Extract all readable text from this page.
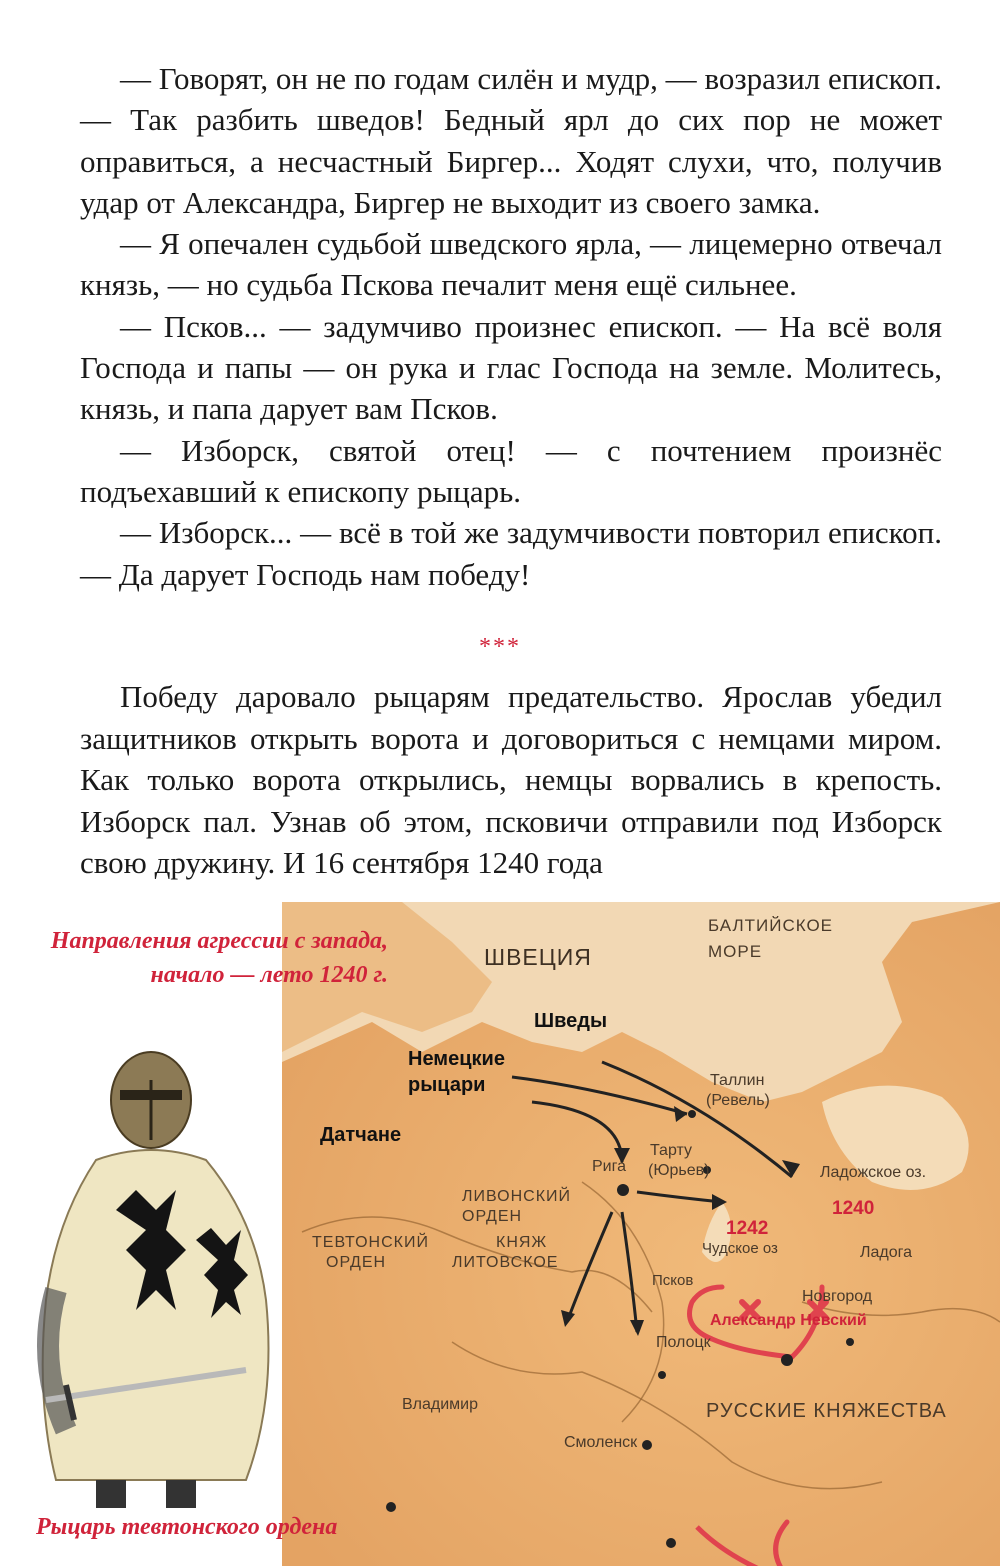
— Говорят, он не по годам силён и мудр, — возразил епископ. — Так разбить шведов! Бедный ярл до сих пор не может оправиться, а несчастный Биргер... Ходят слухи, что, получив удар от Александра, Биргер не выходит из своего замка.

— Я опечален судьбой шведского ярла, — лицемерно отвечал князь, — но судьба Пскова печалит меня ещё сильнее.

— Псков... — задумчиво произнес епископ. — На всё воля Господа и папы — он рука и глас Господа на земле. Молитесь, князь, и папа дарует вам Псков.

— Изборск, святой отец! — с почтением произнёс подъехавший к епископу рыцарь.

— Изборск... — всё в той же задумчивости повторил епископ. — Да дарует Господь нам победу!

***

Победу даровало рыцарям предательство. Ярослав убедил защитников открыть ворота и договориться с немцами миром. Как только ворота открылись, немцы ворвались в крепость. Изборск пал. Узнав об этом, псковичи отправили под Изборск свою дружину. И 16 сентября 1240 года

БАЛТИЙСКОЕ
МОРЕ
ШВЕЦИЯ
Шведы
Немецкие
рыцари
Датчане
Таллин
(Ревель)
Тарту
(Юрьев)
Рига	Ладожское оз.
1240
1242
ЛИВОНСКИЙ
ОРДЕН
ТЕВТОНСКИЙ
ОРДЕН
КНЯЖ
ЛИТОВСКОЕ
Чудское оз	Ладога
Псков
Новгород
Александр Невский
Полоцк
Владимир	РУССКИЕ КНЯЖЕСТВА
Смоленск
Направления агрессии с запада,
начало — лето 1240 г.
Рыцарь тевтонского ордена
